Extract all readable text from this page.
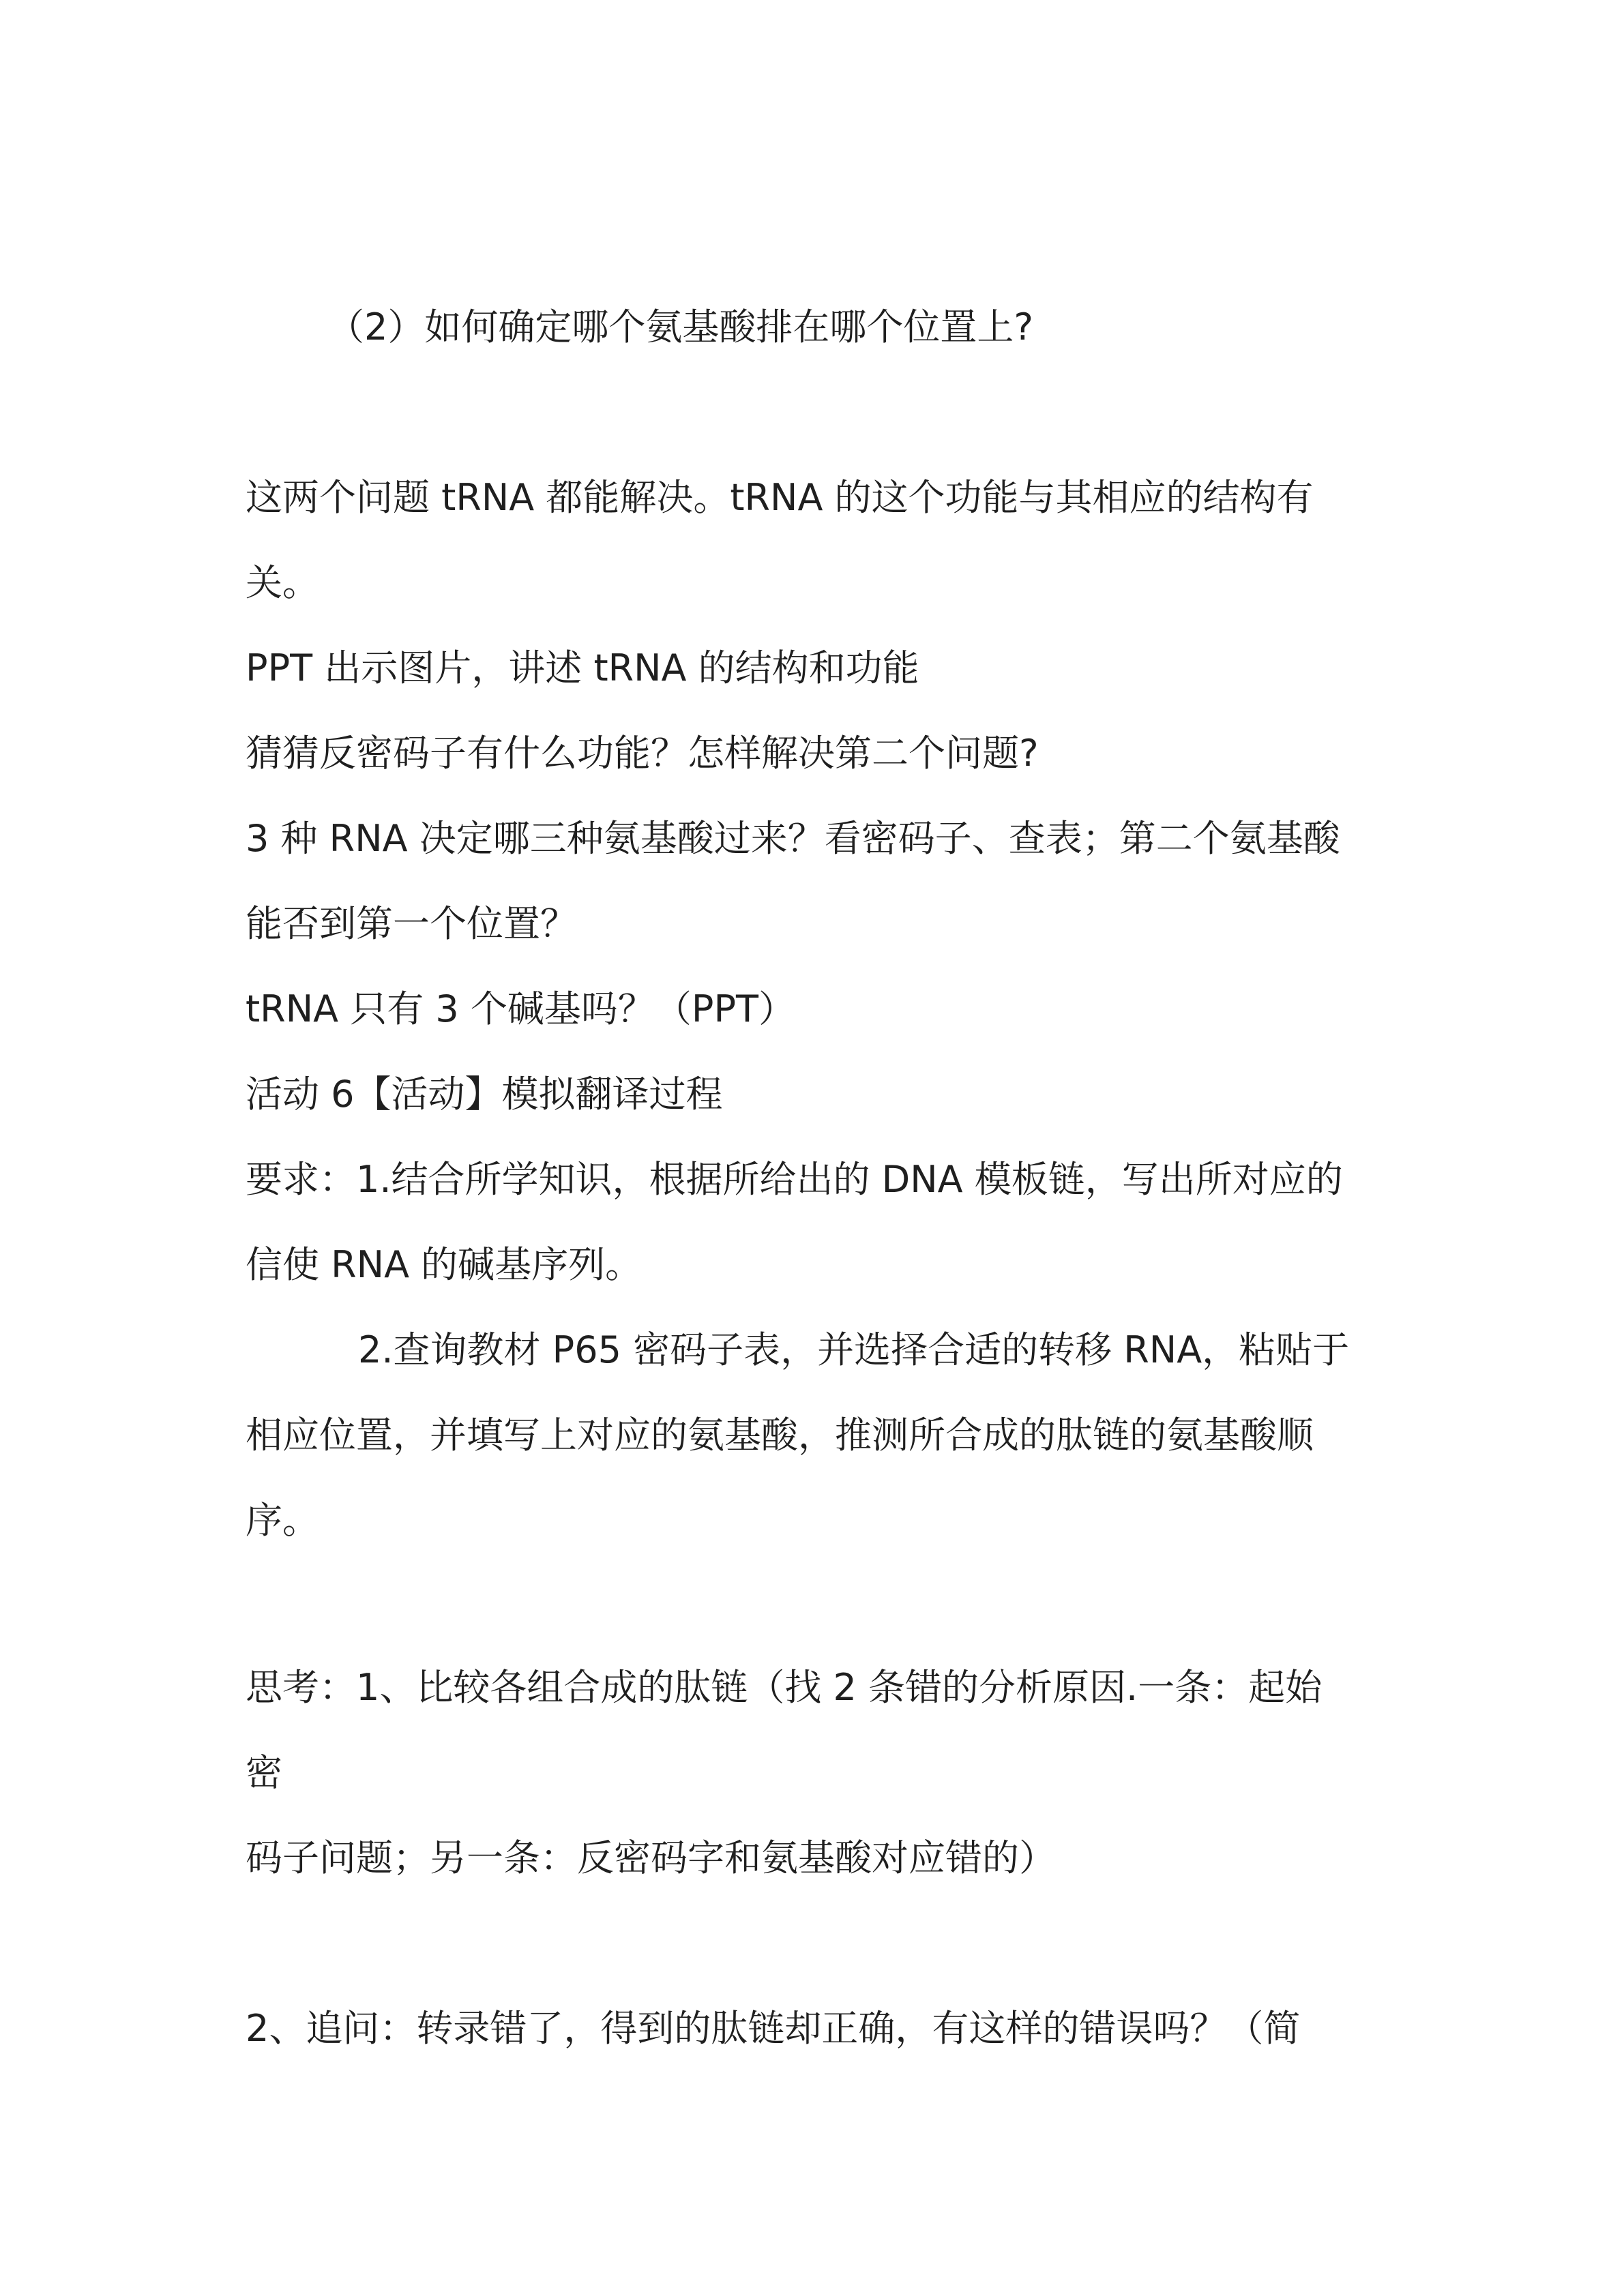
（2）如何确定哪个氨基酸排在哪个位置上?

这两个问题 tRNA 都能解决。tRNA 的这个功能与其相应的结构有

关。

PPT 出示图片，讲述 tRNA 的结构和功能

猜猜反密码子有什么功能？怎样解决第二个问题?

3 种 RNA 决定哪三种氨基酸过来？看密码子、查表；第二个氨基酸

能否到第一个位置？

tRNA 只有 3 个碱基吗？（PPT）

活动 6【活动】模拟翻译过程

要求：1.结合所学知识，根据所给出的 DNA 模板链，写出所对应的

信使 RNA 的碱基序列。

2.查询教材 P65 密码子表，并选择合适的转移 RNA，粘贴于

相应位置，并填写上对应的氨基酸，推测所合成的肽链的氨基酸顺

序。

思考：1、比较各组合成的肽链（找 2 条错的分析原因.一条：起始

密

码子问题；另一条：反密码字和氨基酸对应错的）

2、追问：转录错了，得到的肽链却正确，有这样的错误吗？（简
